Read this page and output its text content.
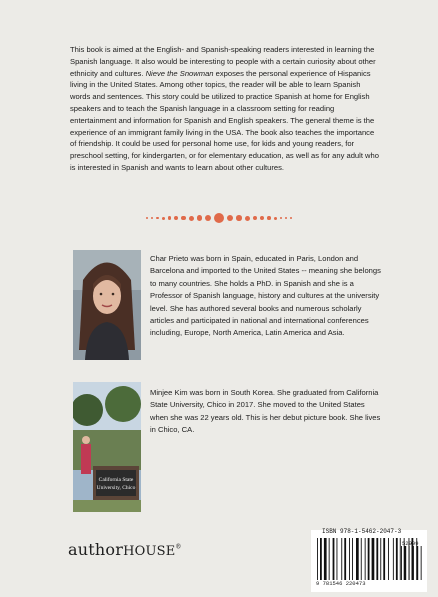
This book is aimed at the English- and Spanish-speaking readers interested in learning the Spanish language. It also would be interesting to people with a certain curiosity about other ethnicity and cultures. Nieve the Snowman exposes the personal experience of Hispanics living in the United States. Among other topics, the reader will be able to learn Spanish words and sentences. This story could be utilized to practice Spanish at home for English speakers and to teach the Spanish language in a classroom setting for reading entertainment and information for Spanish and English speakers. The general theme is the experience of an immigrant family living in the USA. The book also teaches the importance of friendship. It could be used for personal home use, for kids and young readers, for preschool setting, for kindergarten, or for elementary education, as well as for any adult who is interested in Spanish and wants to learn about other cultures.
Char Prieto was born in Spain, educated in Paris, London and Barcelona and imported to the United States -- meaning she belongs to many countries. She holds a PhD. in Spanish and she is a Professor of Spanish language, history and cultures at the university level. She has authored several books and numerous scholarly articles and participated in national and international conferences including, Europe, North America, Latin America and Asia.
California State
University, Chico
Minjee Kim was born in South Korea. She graduated from California State University, Chico in 2017. She moved to the United States when she was 22 years old. This is her debut picture book. She lives in Chico, CA.
authorHOUSE®
ISBN 978-1-5462-2047-3
52999
9 781546 220473
